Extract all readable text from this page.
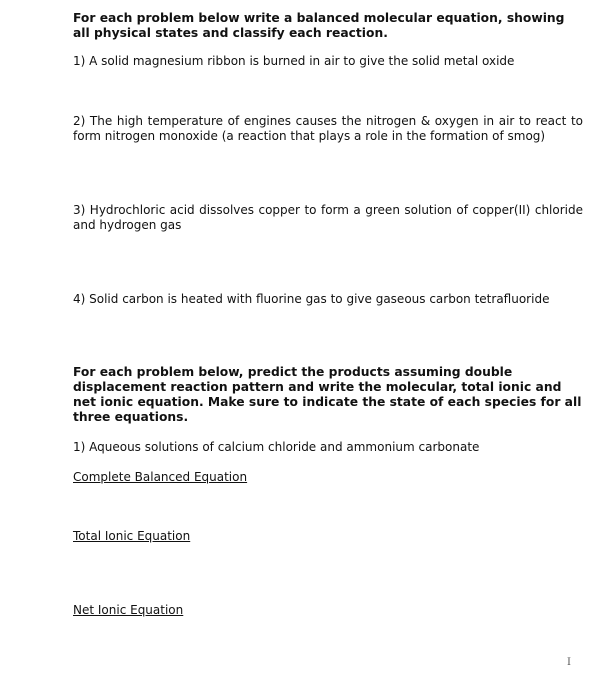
For each problem below write a balanced molecular equation, showing all physical states and classify each reaction.

1) A solid magnesium ribbon is burned in air to give the solid metal oxide

2) The high temperature of engines causes the nitrogen & oxygen in air to react to form nitrogen monoxide (a reaction that plays a role in the formation of smog)

3) Hydrochloric acid dissolves copper to form a green solution of copper(II) chloride and hydrogen gas

4) Solid carbon is heated with fluorine gas to give gaseous carbon tetrafluoride

For each problem below, predict the products assuming double displacement reaction pattern and write the molecular, total ionic and net ionic equation. Make sure to indicate the state of each species for all three equations.

1) Aqueous solutions of calcium chloride and ammonium carbonate

Complete Balanced Equation

Total Ionic Equation

Net Ionic Equation

I
